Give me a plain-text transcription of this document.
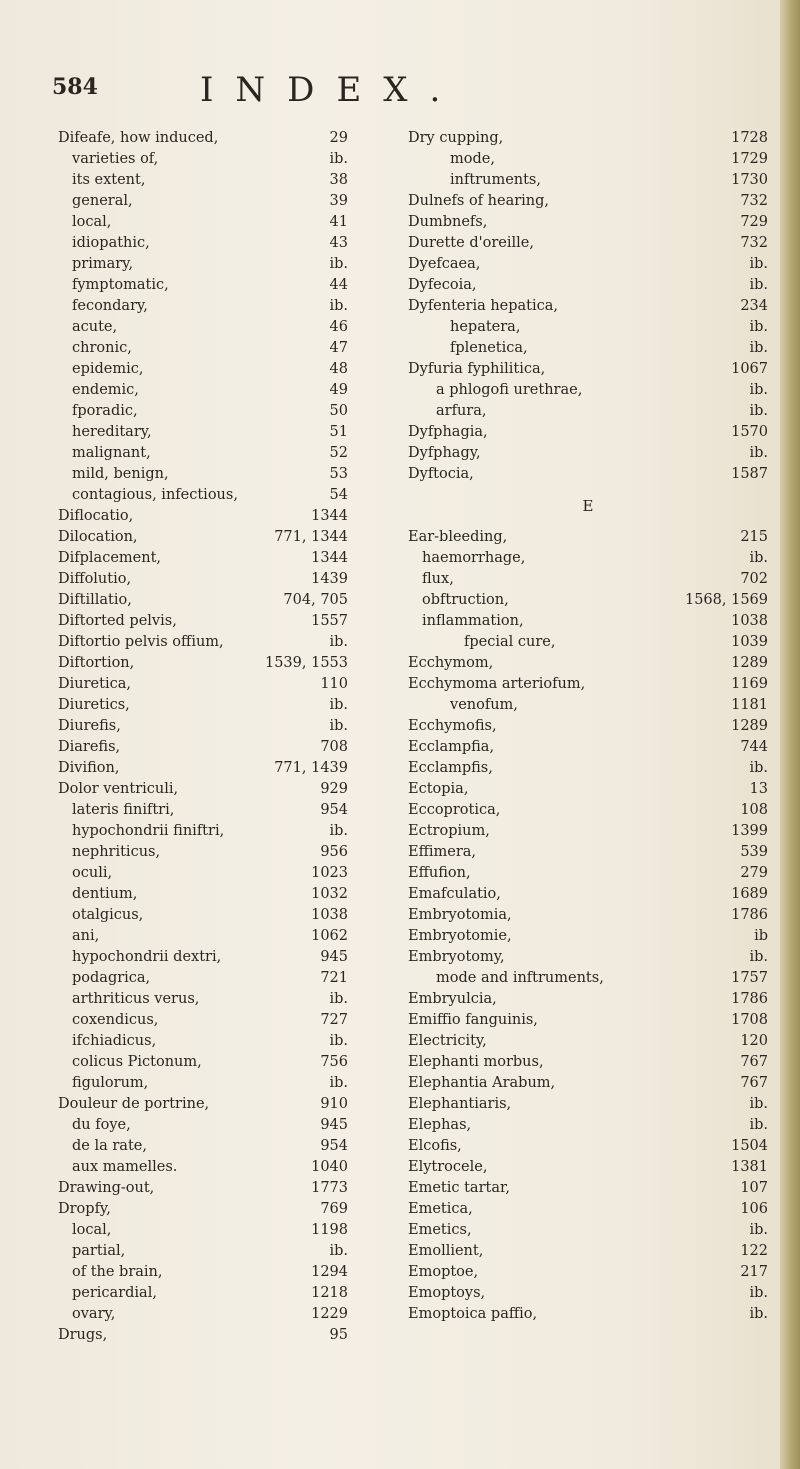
584	INDEX.
Difeafe, how induced,	29
varieties of,	ib.
its extent,	38
general,	39
local,	41
idiopathic,	43
primary,	ib.
fymptomatic,	44
fecondary,	ib.
acute,	46
chronic,	47
epidemic,	48
endemic,	49
fporadic,	50
hereditary,	51
malignant,	52
mild, benign,	53
contagious, infectious,	54
Diflocatio,	1344
Dilocation,	771, 1344
Difplacement,	1344
Diffolutio,	1439
Diftillatio,	704, 705
Diftorted pelvis,	1557
Diftortio pelvis offium,	ib.
Diftortion,	1539, 1553
Diuretica,	110
Diuretics,	ib.
Diurefis,	ib.
Diarefis,	708
Divifion,	771, 1439
Dolor ventriculi,	929
lateris finiftri,	954
hypochondrii finiftri,	ib.
nephriticus,	956
oculi,	1023
dentium,	1032
otalgicus,	1038
ani,	1062
hypochondrii dextri,	945
podagrica,	721
arthriticus verus,	ib.
coxendicus,	727
ifchiadicus,	ib.
colicus Pictonum,	756
figulorum,	ib.
Douleur de portrine,	910
du foye,	945
de la rate,	954
aux mamelles.	1040
Drawing-out,	1773
Dropfy,	769
local,	1198
partial,	ib.
of the brain,	1294
pericardial,	1218
ovary,	1229
Drugs,	95
Dry cupping,	1728
mode,	1729
inftruments,	1730
Dulnefs of hearing,	732
Dumbnefs,	729
Durette d'oreille,	732
Dyefcaea,	ib.
Dyfecoia,	ib.
Dyfenteria hepatica,	234
hepatera,	ib.
fplenetica,	ib.
Dyfuria fyphilitica,	1067
a phlogofi urethrae,	ib.
arfura,	ib.
Dyfphagia,	1570
Dyfphagy,	ib.
Dyftocia,	1587
E
Ear-bleeding,	215
haemorrhage,	ib.
flux,	702
obftruction,	1568, 1569
inflammation,	1038
fpecial cure,	1039
Ecchymom,	1289
Ecchymoma arteriofum,	1169
venofum,	1181
Ecchymofis,	1289
Ecclampfia,	744
Ecclampfis,	ib.
Ectopia,	13
Eccoprotica,	108
Ectropium,	1399
Effimera,	539
Effufion,	279
Emafculatio,	1689
Embryotomia,	1786
Embryotomie,	ib
Embryotomy,	ib.
mode and inftruments,	1757
Embryulcia,	1786
Emiffio fanguinis,	1708
Electricity,	120
Elephanti morbus,	767
Elephantia Arabum,	767
Elephantiaris,	ib.
Elephas,	ib.
Elcofis,	1504
Elytrocele,	1381
Emetic tartar,	107
Emetica,	106
Emetics,	ib.
Emollient,	122
Emoptoe,	217
Emoptoys,	ib.
Emoptoica paffio,	ib.
